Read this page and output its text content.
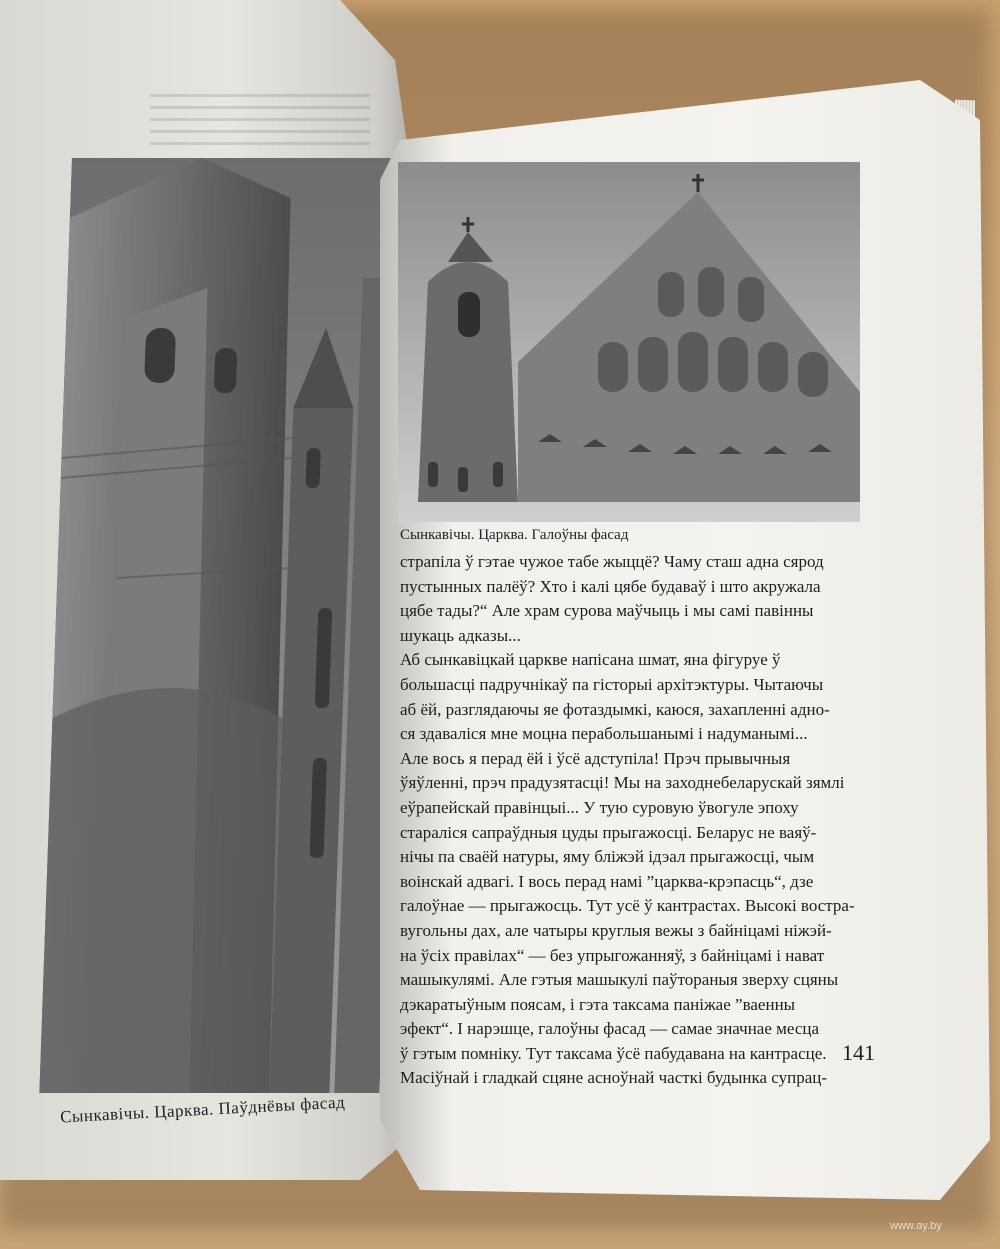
Сынкавічы. Царква. Паўднёвы фасад
Сынкавічы. Царква. Галоўны фасад
страпіла ў гэтае чужое табе жыццё? Чаму сташ адна сярод
пустынных палёў? Хто і калі цябе будаваў і што акружала
цябе тады?“ Але храм сурова маўчыць і мы самі павінны
шукаць адказы...
Аб сынкавіцкай царкве напісана шмат, яна фігуруе ў
большасці падручнікаў па гісторыі архітэктуры. Чытаючы
аб ёй, разглядаючы яе фотаздымкі, каюся, захапленні адно-
ся здаваліся мне моцна перабольшанымі і надуманымі...
Але вось я перад ёй і ўсё адступіла! Прэч прывычныя
ўяўленні, прэч прадузятасці! Мы на заходнебеларускай зямлі
еўрапейскай правінцыі... У тую суровую ўвогуле эпоху
стараліся сапраўдныя цуды прыгажосці. Беларус не ваяў-
нічы па сваёй натуры, яму бліжэй ідэал прыгажосці, чым
воінскай адвагі. І вось перад намі ”царква-крэпасць“, дзе
галоўнае — прыгажосць. Тут усё ў кантрастах. Высокі востра-
вугольны дах, але чатыры круглыя вежы з байніцамі ніжэй-
на ўсіх правілах“ — без упрыгожанняў, з байніцамі і нават
машыкулямі. Але гэтыя машыкулі паўтораныя зверху сцяны
дэкаратыўным поясам, і гэта таксама паніжае ”ваенны
эфект“. І нарэшце, галоўны фасад — самае значнае месца
ў гэтым помніку. Тут таксама ўсё пабудавана на кантрасце.
Масіўнай і гладкай сцяне асноўнай часткі будынка супрац-
141
www.ay.by
